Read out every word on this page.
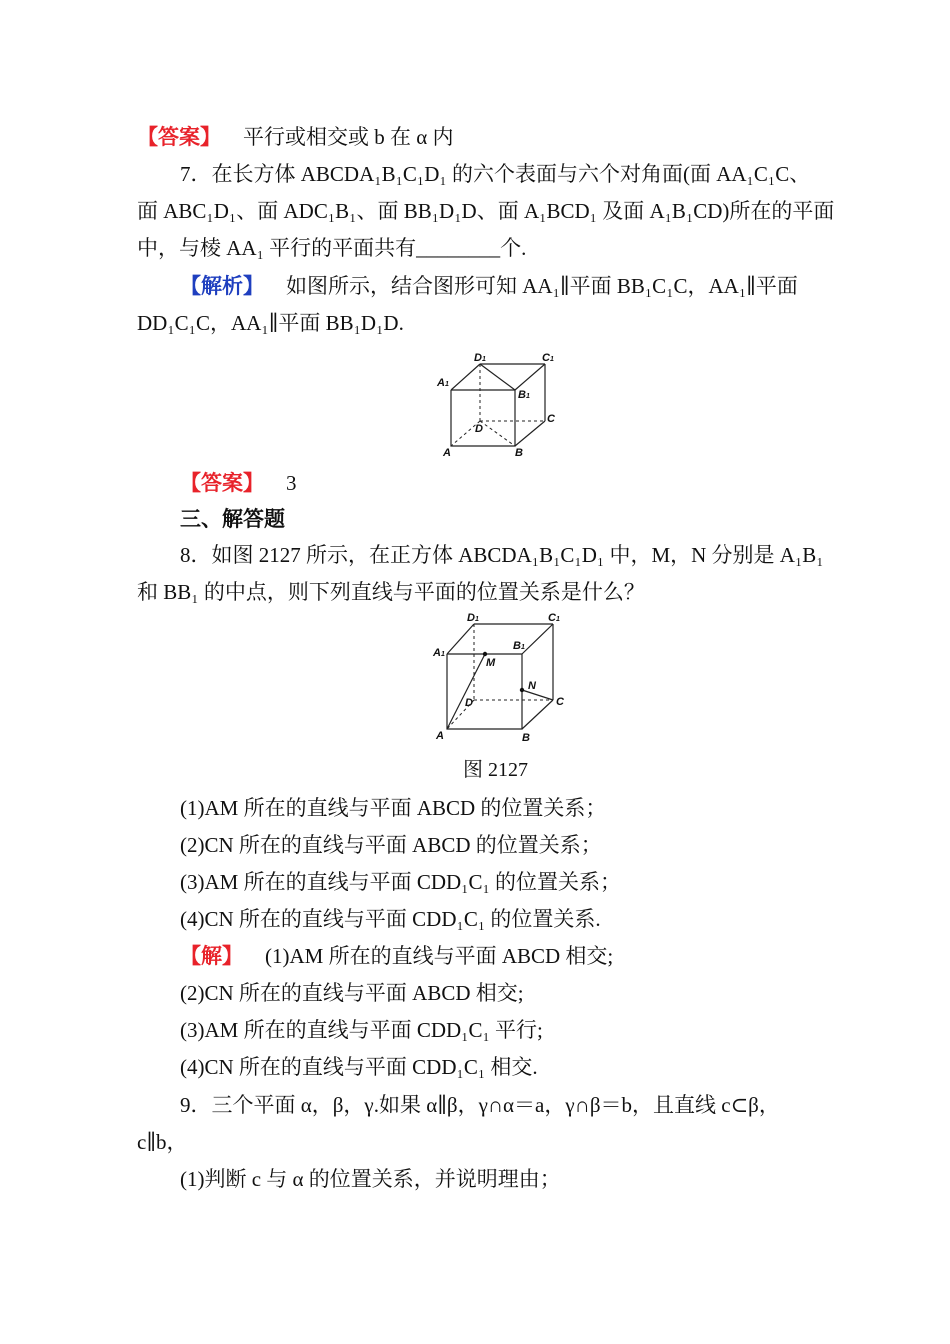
【答案】 平行或相交或 b 在 α 内
7．在长方体 ABCDA₁B₁C₁D₁ 的六个表面与六个对角面(面 AA₁C₁C、
面 ABC₁D₁、面 ADC₁B₁、面 BB₁D₁D、面 A₁BCD₁ 及面 A₁B₁CD)所在的平面
中，与棱 AA₁ 平行的平面共有________个.
【解析】 如图所示，结合图形可知 AA₁∥平面 BB₁C₁C，AA₁∥平面
DD₁C₁C，AA₁∥平面 BB₁D₁D.
D1	C1
A1
B1
C
D
A	B
【答案】 3
三、解答题
8．如图 2127 所示，在正方体 ABCDA₁B₁C₁D₁ 中，M，N 分别是 A₁B₁
和 BB₁ 的中点，则下列直线与平面的位置关系是什么？
D1	C1
A1
B1
M
N
C
D
A	B
图 2127
(1)AM 所在的直线与平面 ABCD 的位置关系；
(2)CN 所在的直线与平面 ABCD 的位置关系；
(3)AM 所在的直线与平面 CDD₁C₁ 的位置关系；
(4)CN 所在的直线与平面 CDD₁C₁ 的位置关系.
【解】 (1)AM 所在的直线与平面 ABCD 相交;
(2)CN 所在的直线与平面 ABCD 相交;
(3)AM 所在的直线与平面 CDD₁C₁ 平行;
(4)CN 所在的直线与平面 CDD₁C₁ 相交.
9．三个平面 α，β，γ.如果 α∥β，γ∩α＝a，γ∩β＝b，且直线 c⊂β，
c∥b，
(1)判断 c 与 α 的位置关系，并说明理由；
